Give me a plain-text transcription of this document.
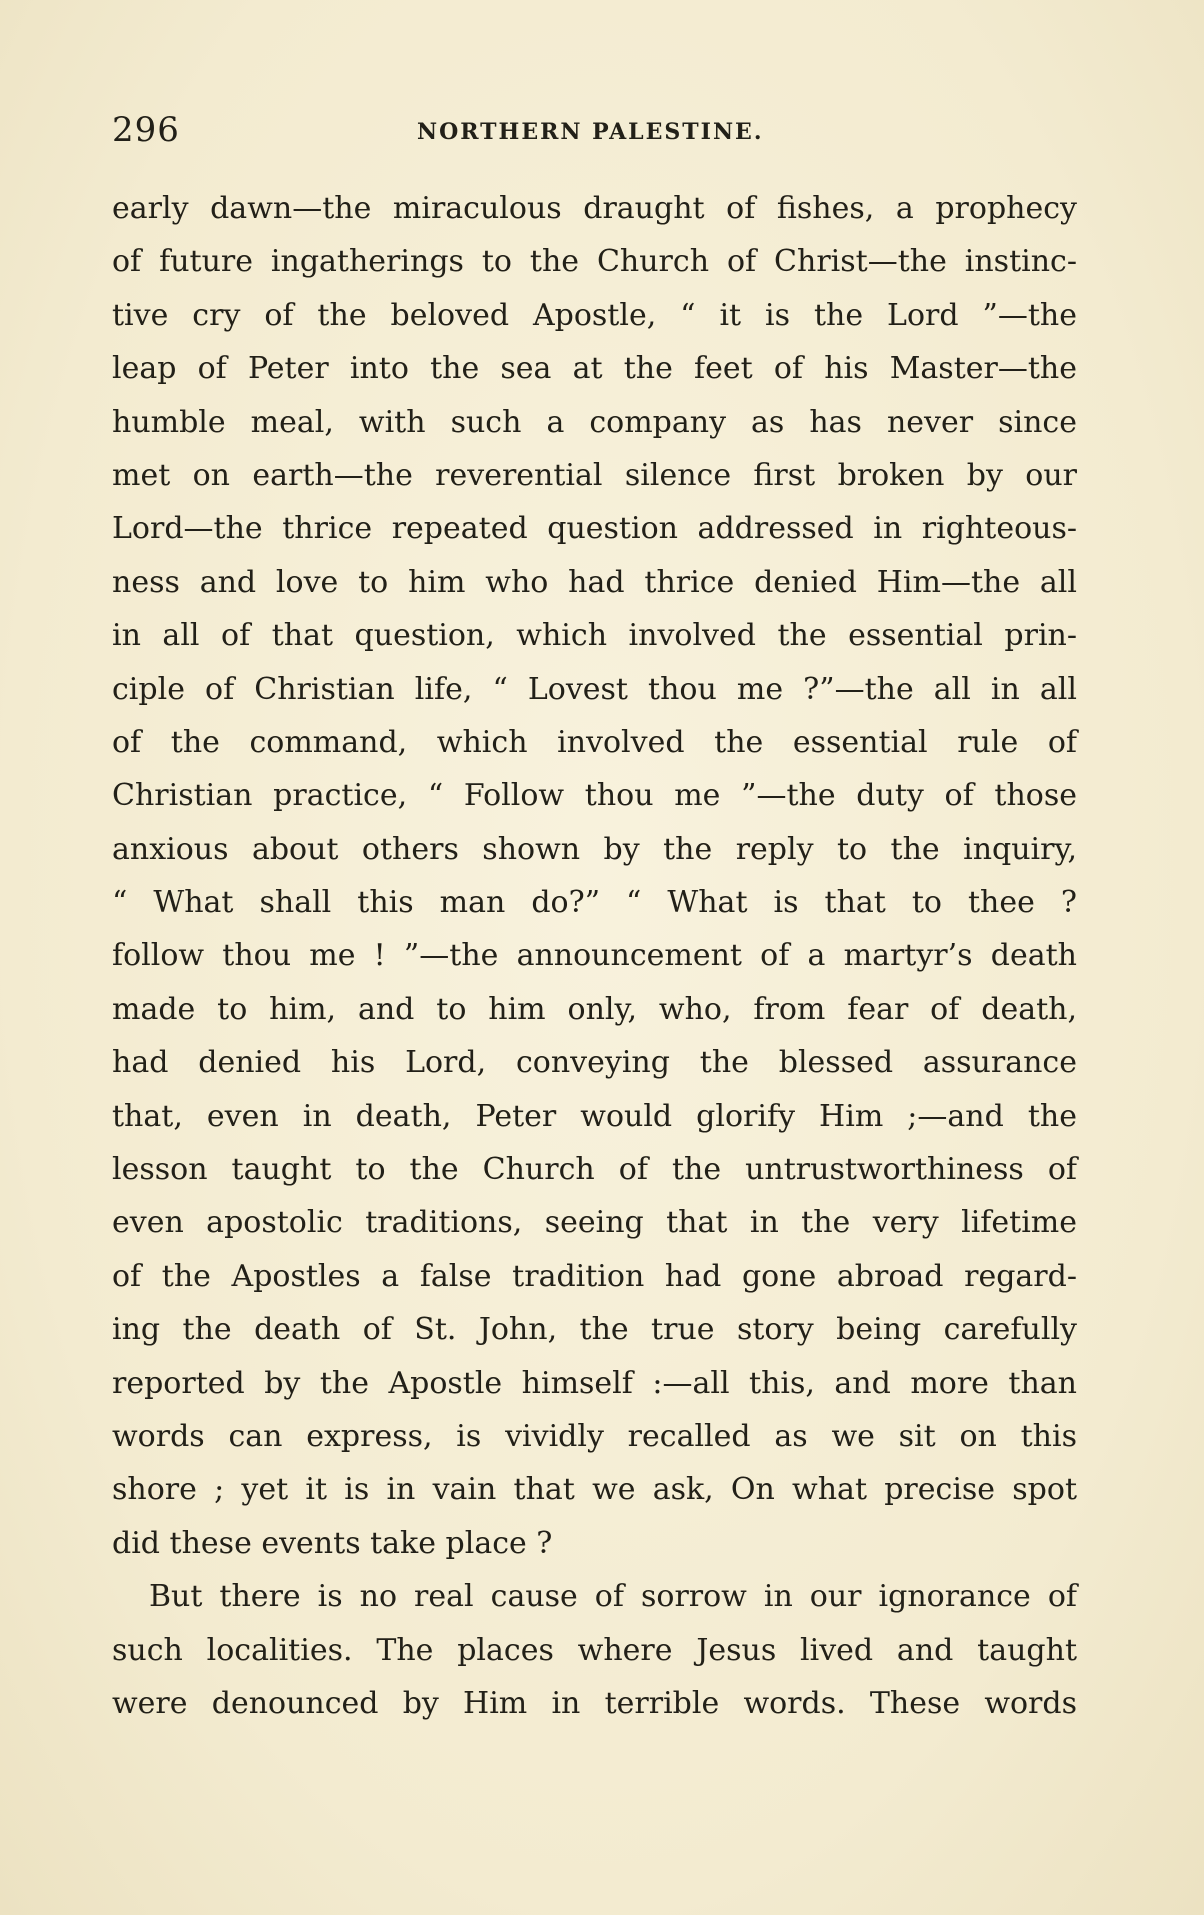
296	NORTHERN PALESTINE.
early dawn—the miraculous draught of fishes, a prophecy
of future ingatherings to the Church of Christ—the instinc-
tive cry of the beloved Apostle, “ it is the Lord ”—the
leap of Peter into the sea at the feet of his Master—the
humble meal, with such a company as has never since
met on earth—the reverential silence first broken by our
Lord—the thrice repeated question addressed in righteous-
ness and love to him who had thrice denied Him—the all
in all of that question, which involved the essential prin-
ciple of Christian life, “ Lovest thou me ?”—the all in all
of the command, which involved the essential rule of
Christian practice, “ Follow thou me ”—the duty of those
anxious about others shown by the reply to the inquiry,
“ What shall this man do?” “ What is that to thee ?
follow thou me ! ”—the announcement of a martyr’s death
made to him, and to him only, who, from fear of death,
had denied his Lord, conveying the blessed assurance
that, even in death, Peter would glorify Him ;—and the
lesson taught to the Church of the untrustworthiness of
even apostolic traditions, seeing that in the very lifetime
of the Apostles a false tradition had gone abroad regard-
ing the death of St. John, the true story being carefully
reported by the Apostle himself :—all this, and more than
words can express, is vividly recalled as we sit on this
shore ; yet it is in vain that we ask, On what precise spot
did these events take place ?
But there is no real cause of sorrow in our ignorance of
such localities. The places where Jesus lived and taught
were denounced by Him in terrible words. These words
